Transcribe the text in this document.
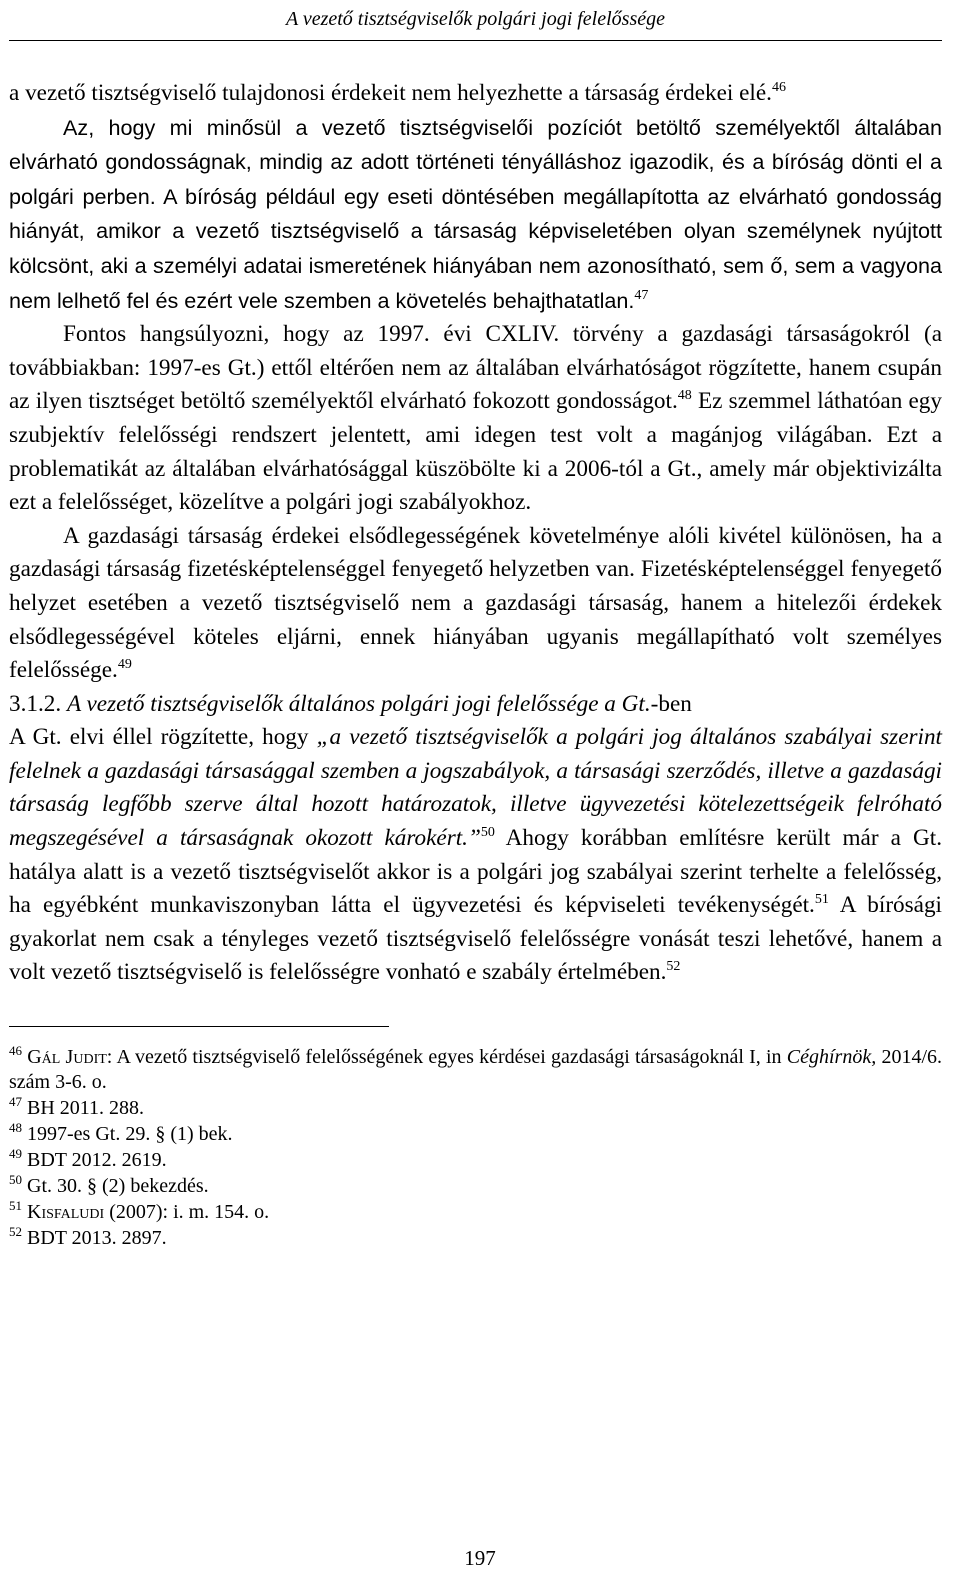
A vezető tisztségviselők polgári jogi felelőssége

a vezető tisztségviselő tulajdonosi érdekeit nem helyezhette a társaság érdekei elé.$^{46}$

Az, hogy mi minősül a vezető tisztségviselői pozíciót betöltő személyektől általában elvárható gondosságnak, mindig az adott történeti tényálláshoz igazodik, és a bíróság dönti el a polgári perben. A bíróság például egy eseti döntésében megállapította az elvárható gondosság hiányát, amikor a vezető tisztségviselő a társaság képviseletében olyan személynek nyújtott kölcsönt, aki a személyi adatai ismeretének hiányában nem azonosítható, sem ő, sem a vagyona nem lelhető fel és ezért vele szemben a követelés behajthatatlan.$^{47}$

Fontos hangsúlyozni, hogy az 1997. évi CXLIV. törvény a gazdasági társaságokról (a továbbiakban: 1997-es Gt.) ettől eltérően nem az általában elvárhatóságot rögzítette, hanem csupán az ilyen tisztséget betöltő személyektől elvárható fokozott gondosságot.$^{48}$ Ez szemmel láthatóan egy szubjektív felelősségi rendszert jelentett, ami idegen test volt a magánjog világában. Ezt a problematikát az általában elvárhatósággal küszöbölte ki a 2006-tól a Gt., amely már objektivizálta ezt a felelősséget, közelítve a polgári jogi szabályokhoz.

A gazdasági társaság érdekei elsődlegességének követelménye alóli kivétel különösen, ha a gazdasági társaság fizetésképtelenséggel fenyegető helyzetben van. Fizetésképtelenséggel fenyegető helyzet esetében a vezető tisztségviselő nem a gazdasági társaság, hanem a hitelezői érdekek elsődlegességével köteles eljárni, ennek hiányában ugyanis megállapítható volt személyes felelőssége.$^{49}$

3.1.2. A vezető tisztségviselők általános polgári jogi felelőssége a Gt.-ben

A Gt. elvi éllel rögzítette, hogy „a vezető tisztségviselők a polgári jog általános szabályai szerint felelnek a gazdasági társasággal szemben a jogszabályok, a társasági szerződés, illetve a gazdasági társaság legfőbb szerve által hozott határozatok, illetve ügyvezetési kötelezettségeik felróható megszegésével a társaságnak okozott károkért.”$^{50}$ Ahogy korábban említésre került már a Gt. hatálya alatt is a vezető tisztségviselőt akkor is a polgári jog szabályai szerint terhelte a felelősség, ha egyébként munkaviszonyban látta el ügyvezetési és képviseleti tevékenységét.$^{51}$ A bírósági gyakorlat nem csak a tényleges vezető tisztségviselő felelősségre vonását teszi lehetővé, hanem a volt vezető tisztségviselő is felelősségre vonható e szabály értelmében.$^{52}$

$^{46}$ Gál Judit: A vezető tisztségviselő felelősségének egyes kérdései gazdasági társaságoknál I, in Céghírnök, 2014/6. szám 3-6. o.

$^{47}$ BH 2011. 288.

$^{48}$ 1997-es Gt. 29. § (1) bek.

$^{49}$ BDT 2012. 2619.

$^{50}$ Gt. 30. § (2) bekezdés.

$^{51}$ Kisfaludi (2007): i. m. 154. o.

$^{52}$ BDT 2013. 2897.

197
